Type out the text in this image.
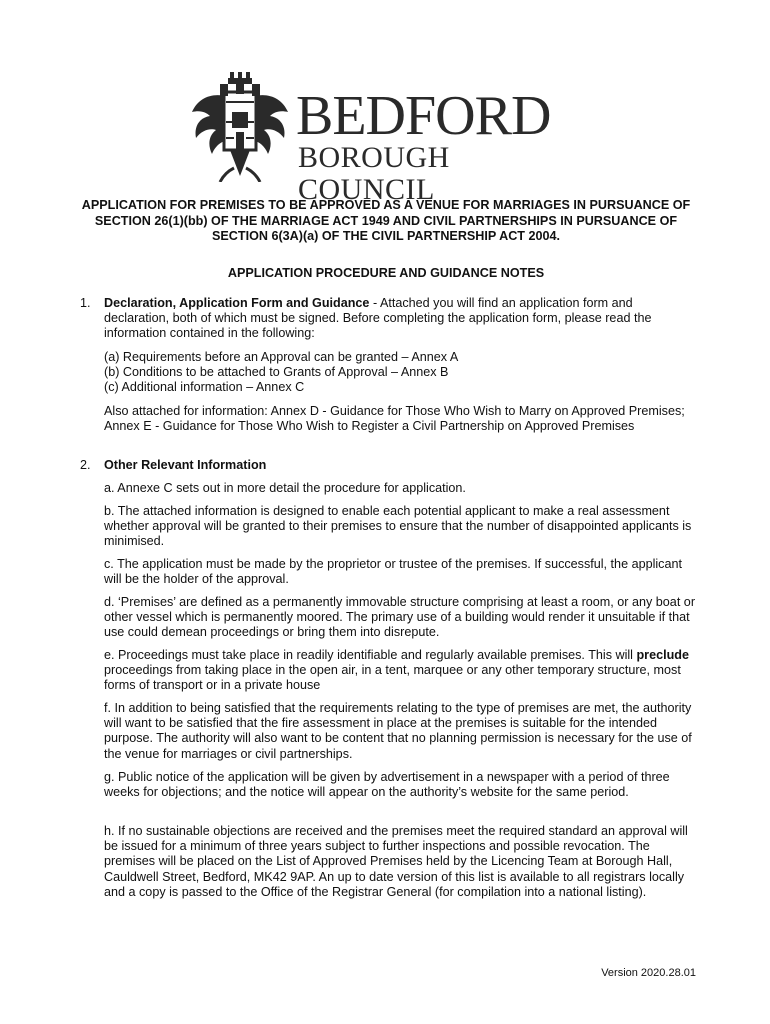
BEDFORD
BOROUGH COUNCIL
APPLICATION FOR PREMISES TO BE APPROVED AS A VENUE FOR MARRIAGES IN PURSUANCE OF SECTION 26(1)(bb) OF THE MARRIAGE ACT 1949 AND CIVIL PARTNERSHIPS IN PURSUANCE OF SECTION 6(3A)(a) OF THE CIVIL PARTNERSHIP ACT 2004.
APPLICATION PROCEDURE AND GUIDANCE NOTES
1. Declaration, Application Form and Guidance - Attached you will find an application form and declaration, both of which must be signed. Before completing the application form, please read the information contained in the following:

(a) Requirements before an Approval can be granted – Annex A

(b) Conditions to be attached to Grants of Approval – Annex B

(c) Additional information – Annex C

Also attached for information: Annex D - Guidance for Those Who Wish to Marry on Approved Premises; Annex E - Guidance for Those Who Wish to Register a Civil Partnership on Approved Premises

2. Other Relevant Information

a. Annexe C sets out in more detail the procedure for application.

b. The attached information is designed to enable each potential applicant to make a real assessment whether approval will be granted to their premises to ensure that the number of disappointed applicants is minimised.

c. The application must be made by the proprietor or trustee of the premises. If successful, the applicant will be the holder of the approval.

d. ‘Premises’ are defined as a permanently immovable structure comprising at least a room, or any boat or other vessel which is permanently moored. The primary use of a building would render it unsuitable if that use could demean proceedings or bring them into disrepute.

e. Proceedings must take place in readily identifiable and regularly available premises. This will preclude proceedings from taking place in the open air, in a tent, marquee or any other temporary structure, most forms of transport or in a private house

f. In addition to being satisfied that the requirements relating to the type of premises are met, the authority will want to be satisfied that the fire assessment in place at the premises is suitable for the intended purpose. The authority will also want to be content that no planning permission is necessary for the use of the venue for marriages or civil partnerships.

g. Public notice of the application will be given by advertisement in a newspaper with a period of three weeks for objections; and the notice will appear on the authority’s website for the same period.

h. If no sustainable objections are received and the premises meet the required standard an approval will be issued for a minimum of three years subject to further inspections and possible revocation. The premises will be placed on the List of Approved Premises held by the Licencing Team at Borough Hall, Cauldwell Street, Bedford, MK42 9AP. An up to date version of this list is available to all registrars locally and a copy is passed to the Office of the Registrar General (for compilation into a national listing).

Version 2020.28.01
